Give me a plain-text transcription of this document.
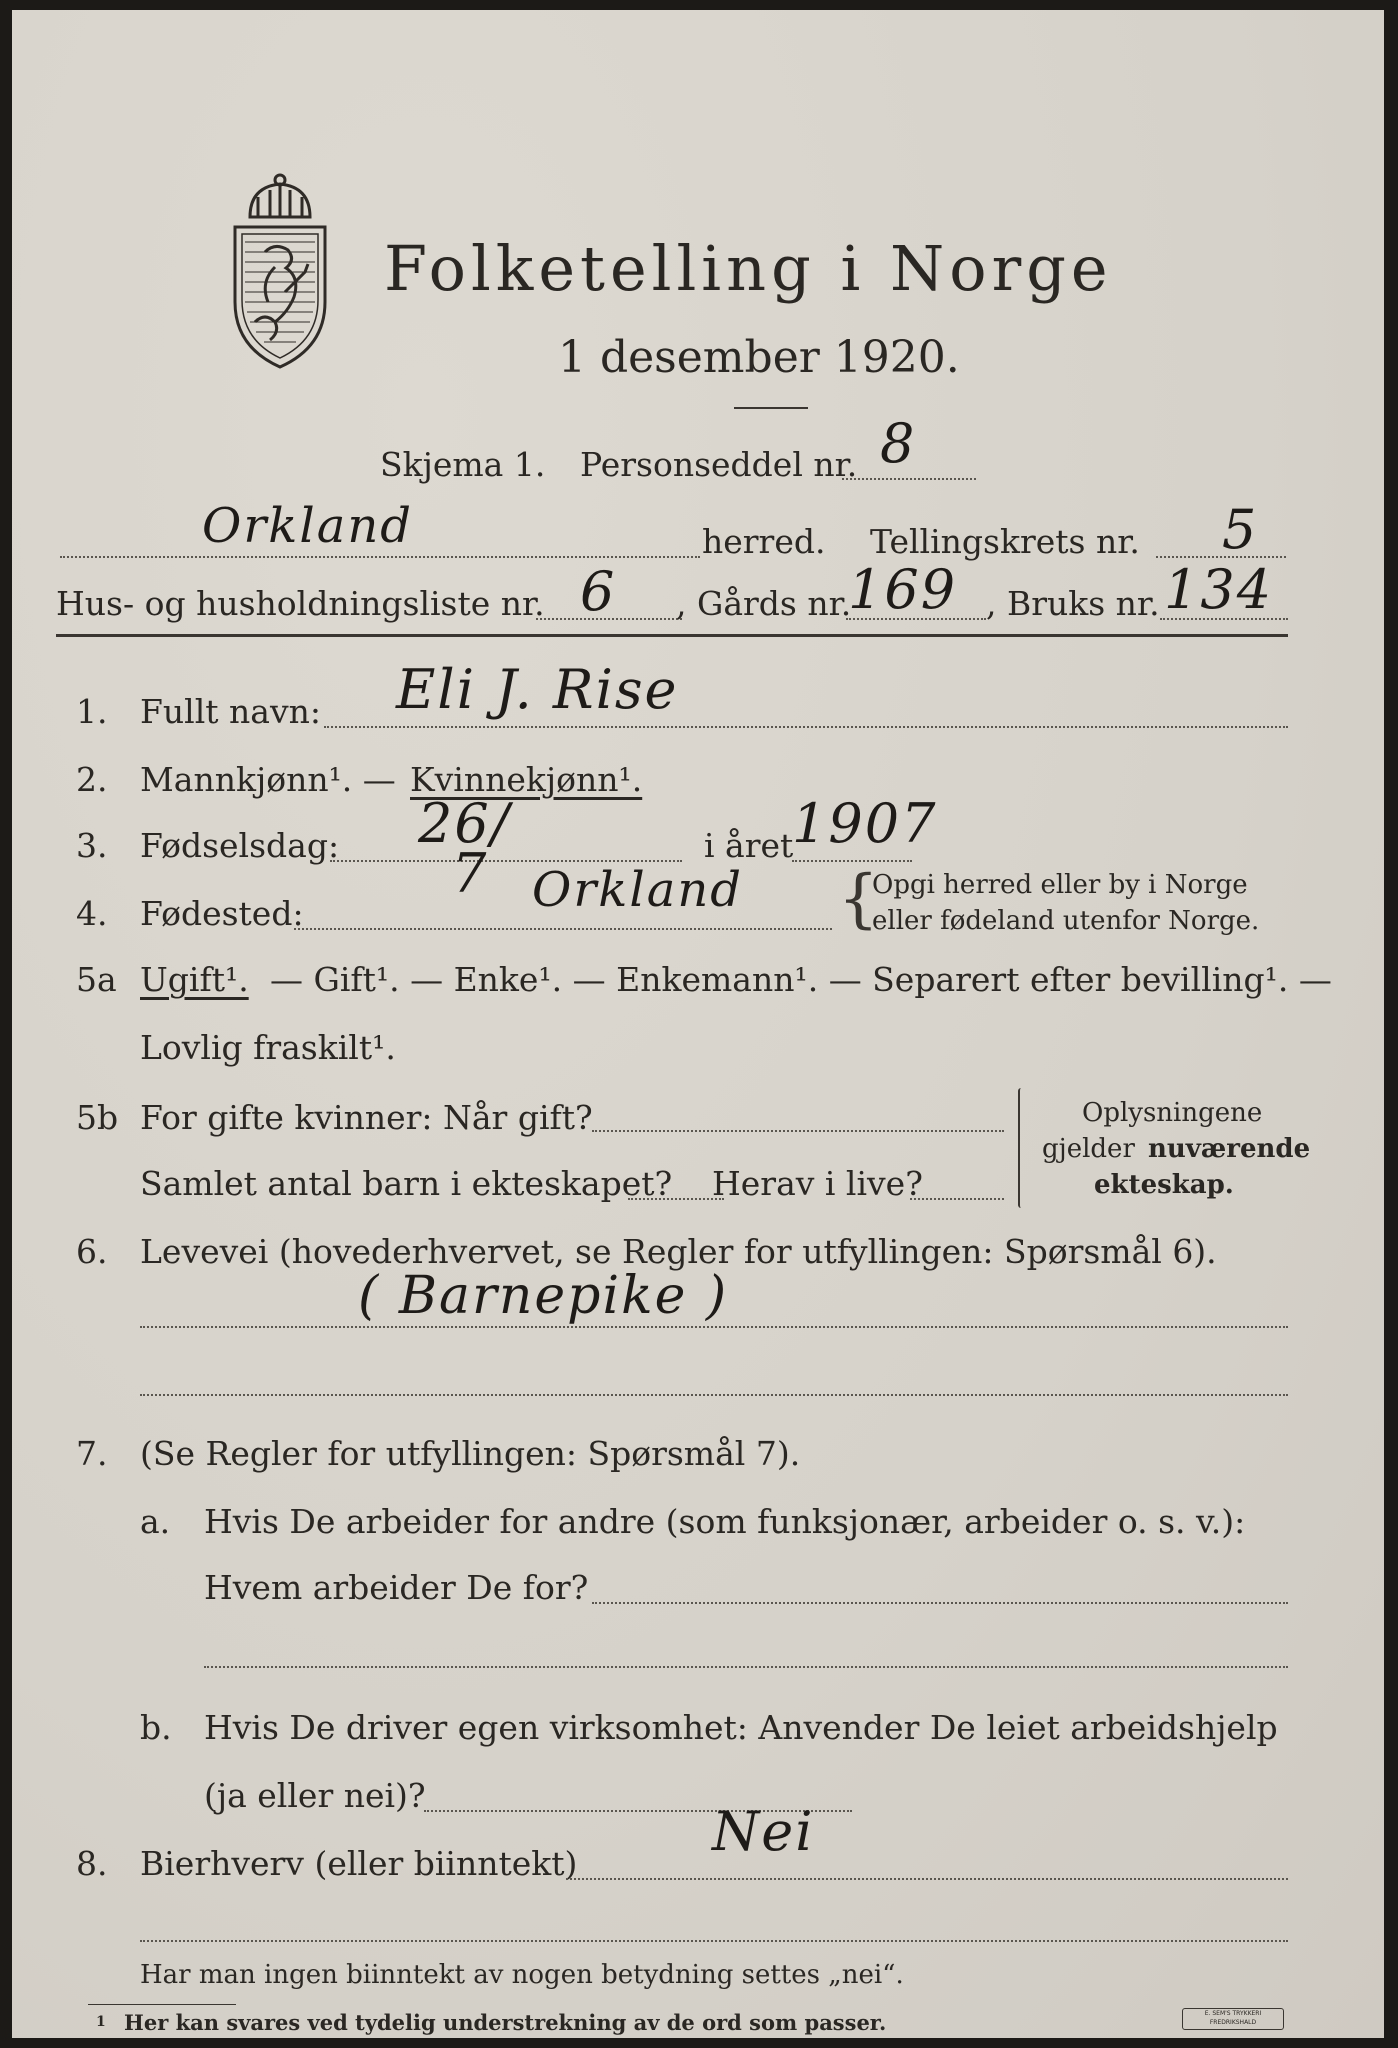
Folketelling i Norge
1 desember 1920.
Skjema 1. Personseddel nr. 8
Orkland	herred. Tellingskrets nr. 5
Hus- og husholdningsliste nr. 6 , Gårds nr.
169 , Bruks nr. 134
1. Fullt navn: Eli J. Rise
2. Mannkjønn¹. — Kvinnekjønn¹.
3. Fødselsdag: 26/
7	i året
1907
4. Fødested:	Orkland {
Opgi herred eller by i Norge
eller fødeland utenfor Norge.
5a Ugift¹. — Gift¹. — Enke¹. — Enkemann¹. — Separert efter bevilling¹. —
Lovlig fraskilt¹.
5b For gifte kvinner: Når gift?
Samlet antal barn i ekteskapet? Herav i live?
Oplysningene
gjelder nuværende
ekteskap.
6. Levevei (hovederhvervet, se Regler for utfyllingen: Spørsmål 6).
( Barnepike )
7. (Se Regler for utfyllingen: Spørsmål 7).
a. Hvis De arbeider for andre (som funksjonær, arbeider o. s. v.):
Hvem arbeider De for?
b. Hvis De driver egen virksomhet: Anvender De leiet arbeidshjelp
(ja eller nei)?
8. Bierhverv (eller biinntekt)
Nei
Har man ingen biinntekt av nogen betydning settes „nei“.
1 Her kan svares ved tydelig understrekning av de ord som passer.	E. SEM'S TRYKKERI
FREDRIKSHALD
